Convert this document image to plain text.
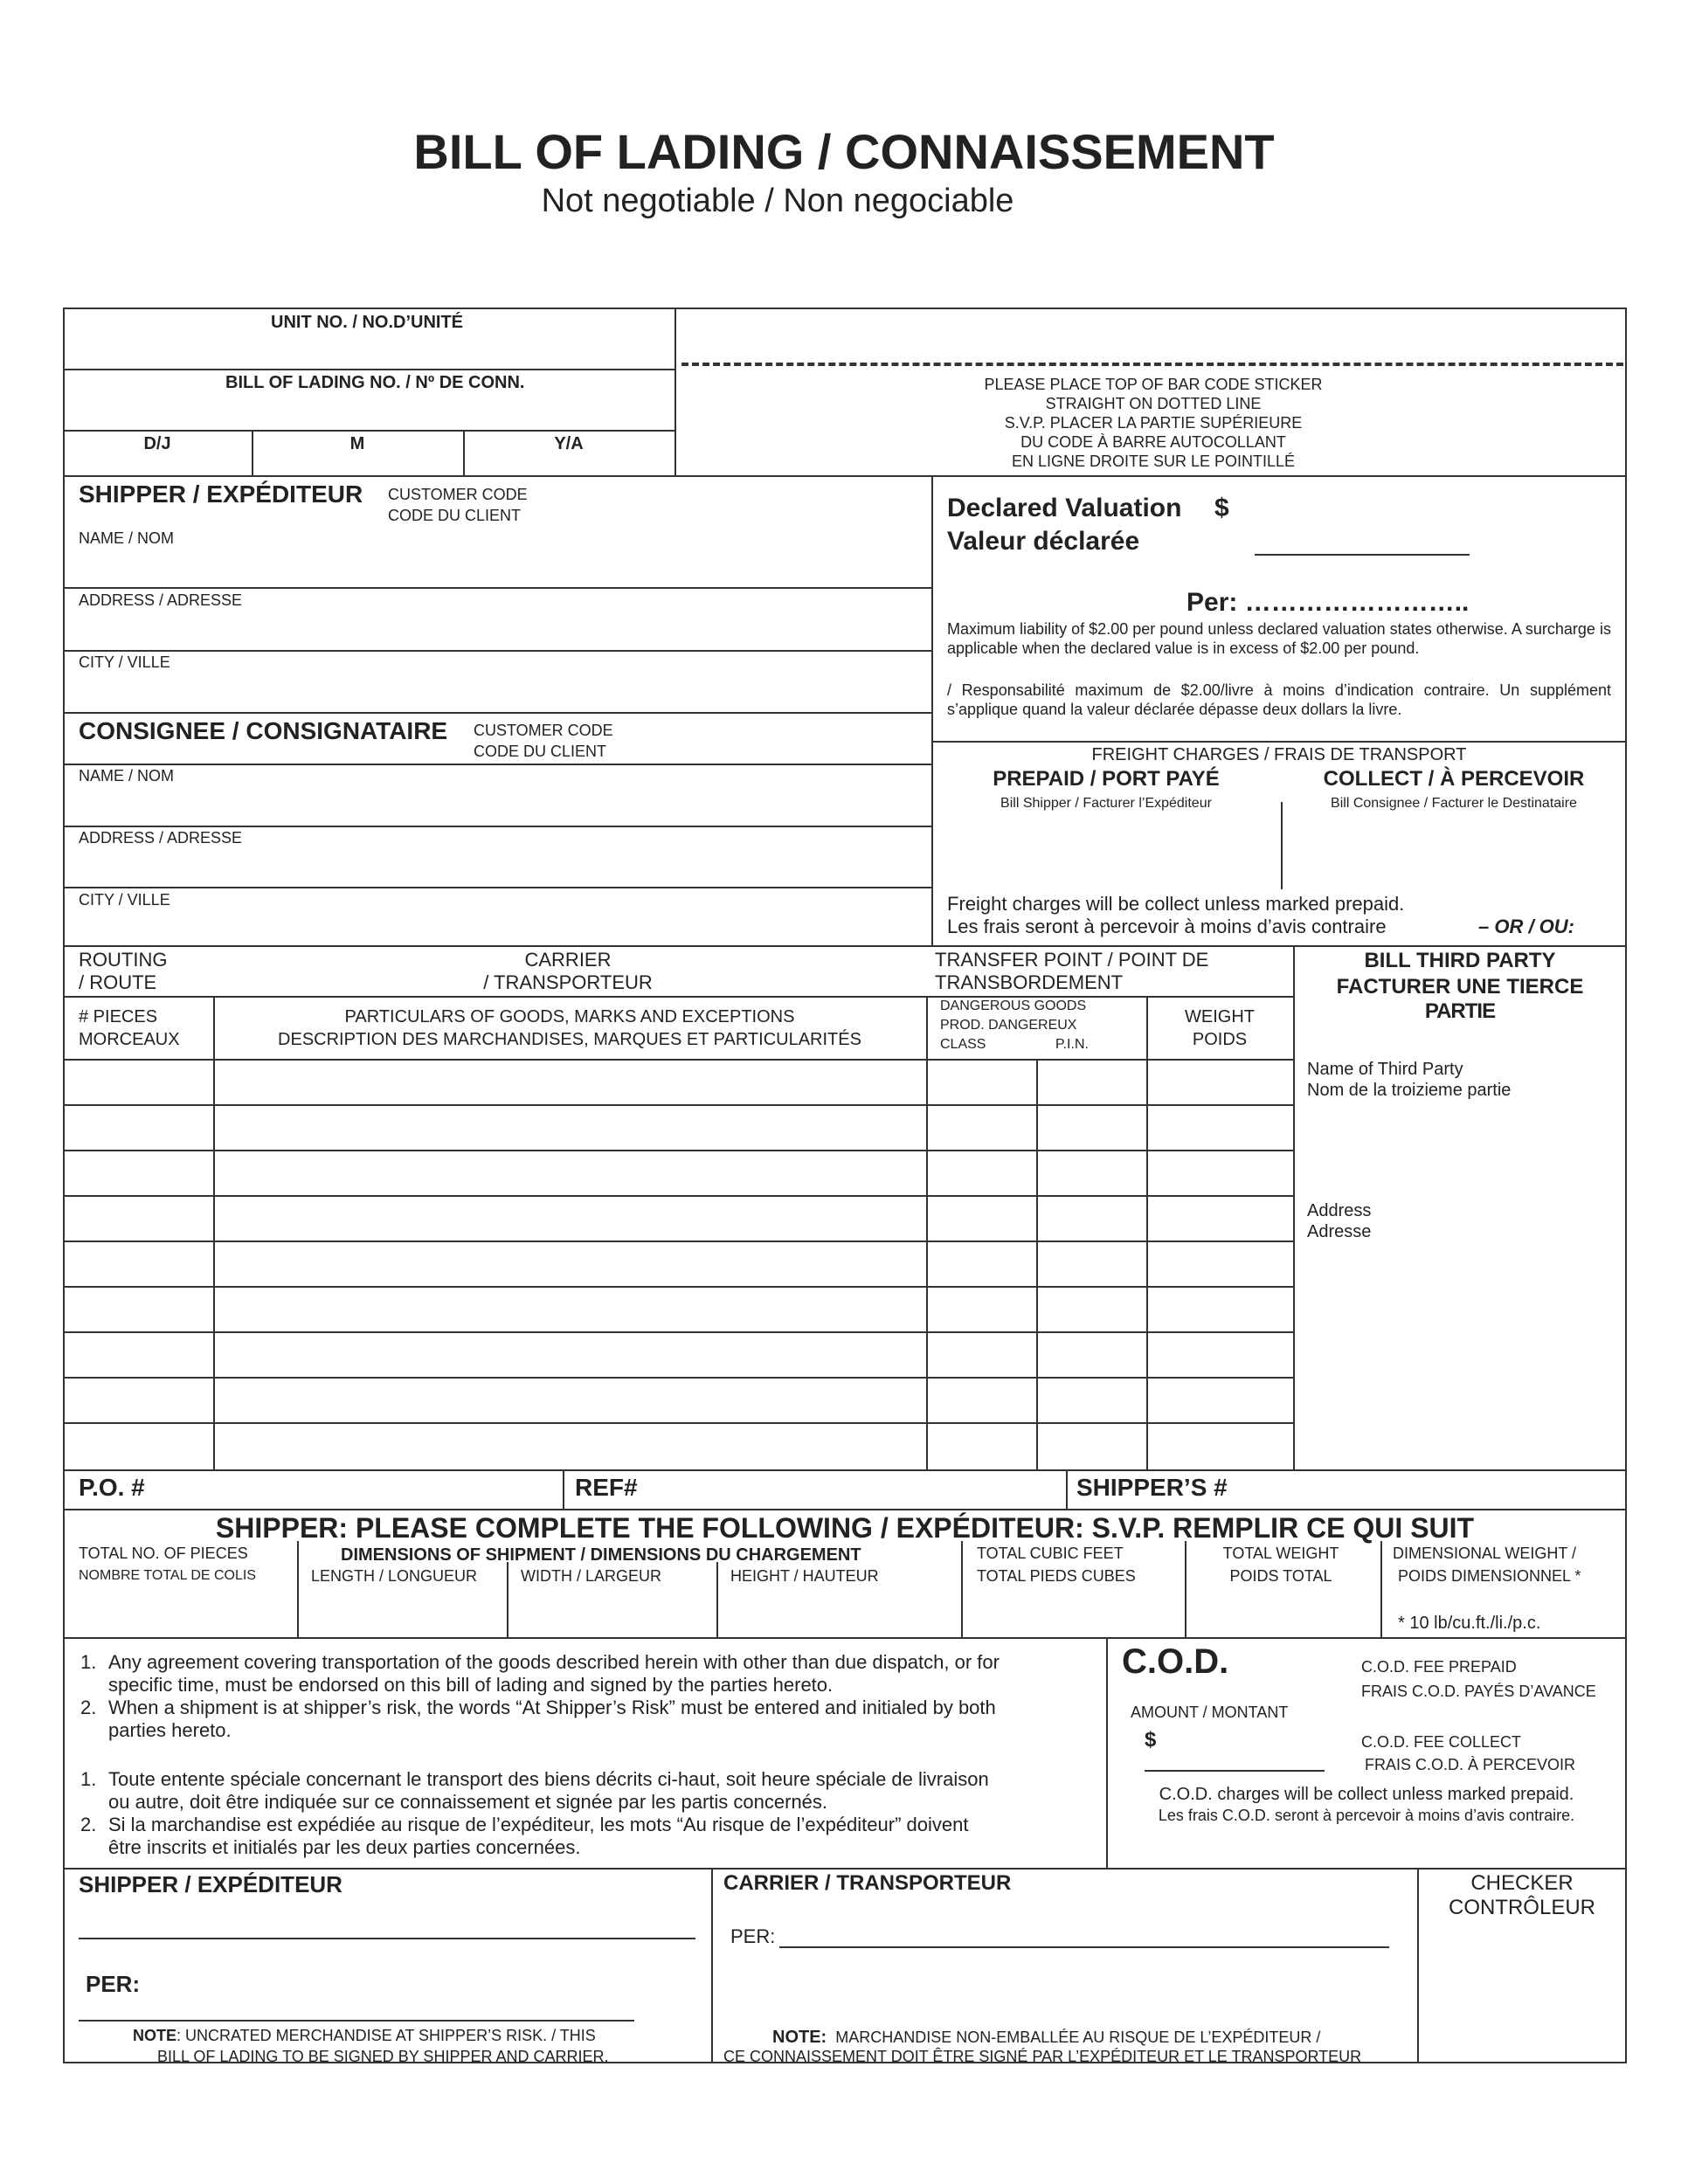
BILL OF LADING / CONNAISSEMENT
Not negotiable / Non negociable
UNIT NO. / NO.D’UNITÉ
BILL OF LADING NO. / Nº DE CONN.
D/J	M	Y/A
PLEASE PLACE TOP OF BAR CODE STICKER
STRAIGHT ON DOTTED LINE
S.V.P. PLACER LA PARTIE SUPÉRIEURE
DU CODE À BARRE AUTOCOLLANT
EN LIGNE DROITE SUR LE POINTILLÉ
SHIPPER / EXPÉDITEUR CUSTOMER CODE
CODE DU CLIENT
NAME / NOM
ADDRESS / ADRESSE
CITY / VILLE
CONSIGNEE / CONSIGNATAIRE CUSTOMER CODE
CODE DU CLIENT
NAME / NOM
ADDRESS / ADRESSE
CITY / VILLE
Declared Valuation $
Valeur déclarée
Per: ……………………..
Maximum liability of $2.00 per pound unless declared valuation states otherwise. A surcharge is applicable when the declared value is in excess of $2.00 per pound.
/ Responsabilité maximum de $2.00/livre à moins d’indication contraire. Un supplément s’applique quand la valeur déclarée dépasse deux dollars la livre.
FREIGHT CHARGES / FRAIS DE TRANSPORT
PREPAID / PORT PAYÉ
Bill Shipper / Facturer l’Expéditeur
COLLECT / À PERCEVOIR
Bill Consignee / Facturer le Destinataire
Freight charges will be collect unless marked prepaid.
Les frais seront à percevoir à moins d’avis contraire	– OR / OU:
ROUTING
/ ROUTE
CARRIER
/ TRANSPORTEUR
TRANSFER POINT / POINT DE
TRANSBORDEMENT
BILL THIRD PARTY
FACTURER UNE TIERCE
PARTIE
Name of Third Party
Nom de la troizieme partie
Address
Adresse
# PIECES
MORCEAUX
PARTICULARS OF GOODS, MARKS AND EXCEPTIONS
DESCRIPTION DES MARCHANDISES, MARQUES ET PARTICULARITÉS
DANGEROUS GOODS
PROD. DANGEREUX
CLASS	P.I.N.
WEIGHT
POIDS
P.O. #	REF#	SHIPPER’S #
SHIPPER: PLEASE COMPLETE THE FOLLOWING / EXPÉDITEUR: S.V.P. REMPLIR CE QUI SUIT
TOTAL NO. OF PIECES
NOMBRE TOTAL DE COLIS
DIMENSIONS OF SHIPMENT / DIMENSIONS DU CHARGEMENT
LENGTH / LONGUEUR	WIDTH / LARGEUR	HEIGHT / HAUTEUR
TOTAL CUBIC FEET
TOTAL PIEDS CUBES
TOTAL WEIGHT
POIDS TOTAL
DIMENSIONAL WEIGHT /
POIDS DIMENSIONNEL *
* 10 lb/cu.ft./li./p.c.
1. Any agreement covering transportation of the goods described herein with other than due dispatch, or for
specific time, must be endorsed on this bill of lading and signed by the parties hereto.
2. When a shipment is at shipper’s risk, the words “At Shipper’s Risk” must be entered and initialed by both
parties hereto.
1. Toute entente spéciale concernant le transport des biens décrits ci-haut, soit heure spéciale de livraison
ou autre, doit être indiquée sur ce connaissement et signée par les partis concernés.
2. Si la marchandise est expédiée au risque de l’expéditeur, les mots “Au risque de l’expéditeur” doivent
être inscrits et initialés par les deux parties concernées.
C.O.D.
AMOUNT / MONTANT
$
C.O.D. FEE PREPAID
FRAIS C.O.D. PAYÉS D’AVANCE
C.O.D. FEE COLLECT
FRAIS C.O.D. À PERCEVOIR
C.O.D. charges will be collect unless marked prepaid.
Les frais C.O.D. seront à percevoir à moins d’avis contraire.
SHIPPER / EXPÉDITEUR
PER:
NOTE: UNCRATED MERCHANDISE AT SHIPPER’S RISK. / THIS
BILL OF LADING TO BE SIGNED BY SHIPPER AND CARRIER.
CARRIER / TRANSPORTEUR
PER:
NOTE: MARCHANDISE NON-EMBALLÉE AU RISQUE DE L’EXPÉDITEUR /
CE CONNAISSEMENT DOIT ÊTRE SIGNÉ PAR L’EXPÉDITEUR ET LE TRANSPORTEUR
CHECKER
CONTRÔLEUR
